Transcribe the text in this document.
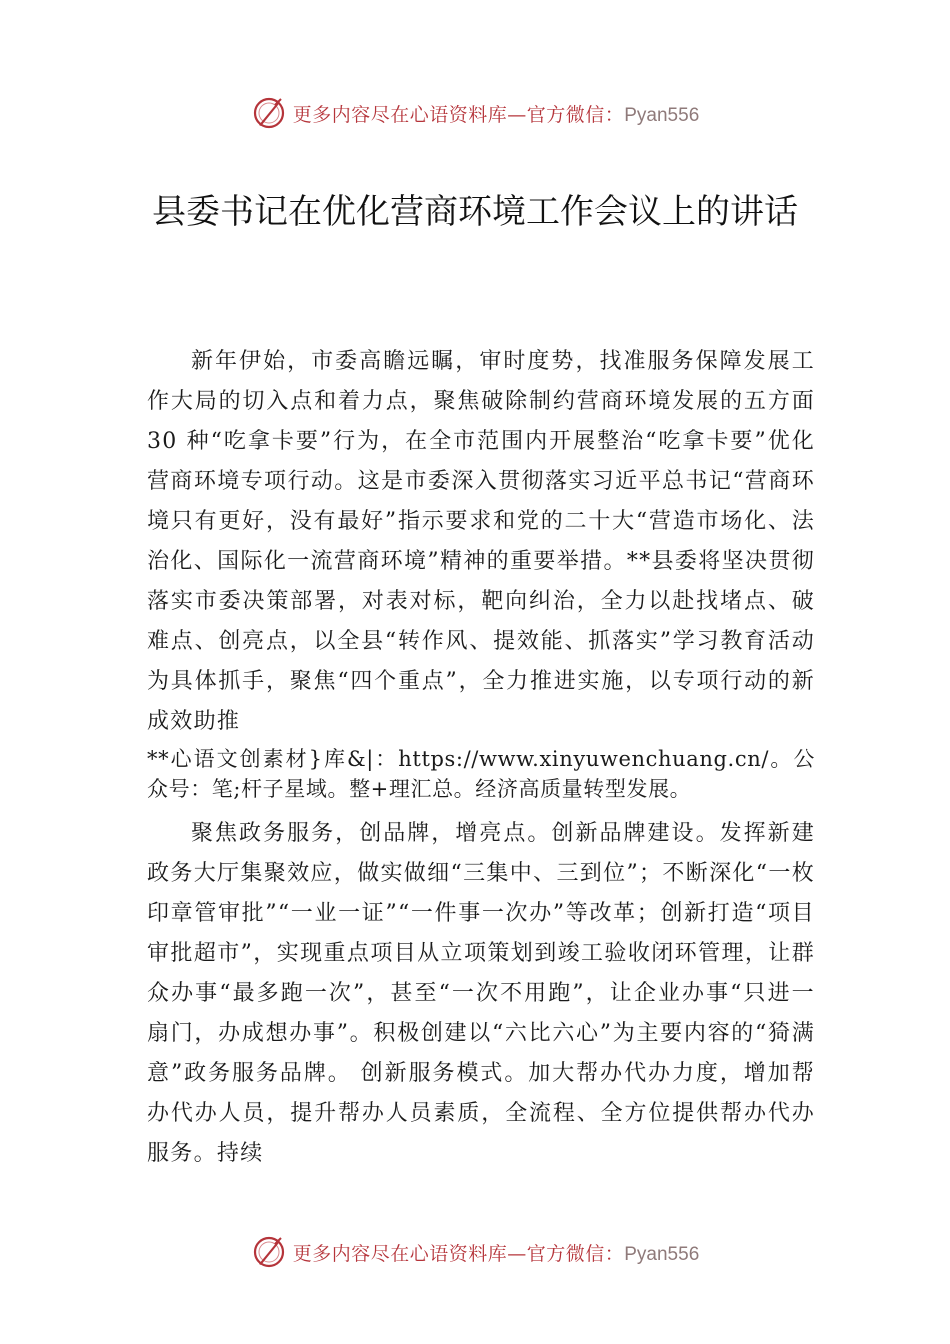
更多内容尽在心语资料库—官方微信：Pyan556
县委书记在优化营商环境工作会议上的讲话

新年伊始，市委高瞻远瞩，审时度势，找准服务保障发展工作大局的切入点和着力点，聚焦破除制约营商环境发展的五方面 30 种“吃拿卡要”行为，在全市范围内开展整治“吃拿卡要”优化营商环境专项行动。这是市委深入贯彻落实习近平总书记“营商环境只有更好，没有最好”指示要求和党的二十大“营造市场化、法治化、国际化一流营商环境”精神的重要举措。**县委将坚决贯彻落实市委决策部署，对表对标，靶向纠治，全力以赴找堵点、破难点、创亮点，以全县“转作风、提效能、抓落实”学习教育活动为具体抓手，聚焦“四个重点”，全力推进实施，以专项行动的新成效助推

**心语文创素材}库&|：https://www.xinyuwenchuang.cn/。公众号：笔;杆子星域。整+理汇总。经济高质量转型发展。

聚焦政务服务，创品牌，增亮点。创新品牌建设。发挥新建政务大厅集聚效应，做实做细“三集中、三到位”；不断深化“一枚印章管审批”“一业一证”“一件事一次办”等改革；创新打造“项目审批超市”，实现重点项目从立项策划到竣工验收闭环管理，让群众办事“最多跑一次”，甚至“一次不用跑”，让企业办事“只进一扇门，办成想办事”。积极创建以“六比六心”为主要内容的“猗满意”政务服务品牌。 创新服务模式。加大帮办代办力度，增加帮办代办人员，提升帮办人员素质，全流程、全方位提供帮办代办服务。持续

更多内容尽在心语资料库—官方微信：Pyan556
